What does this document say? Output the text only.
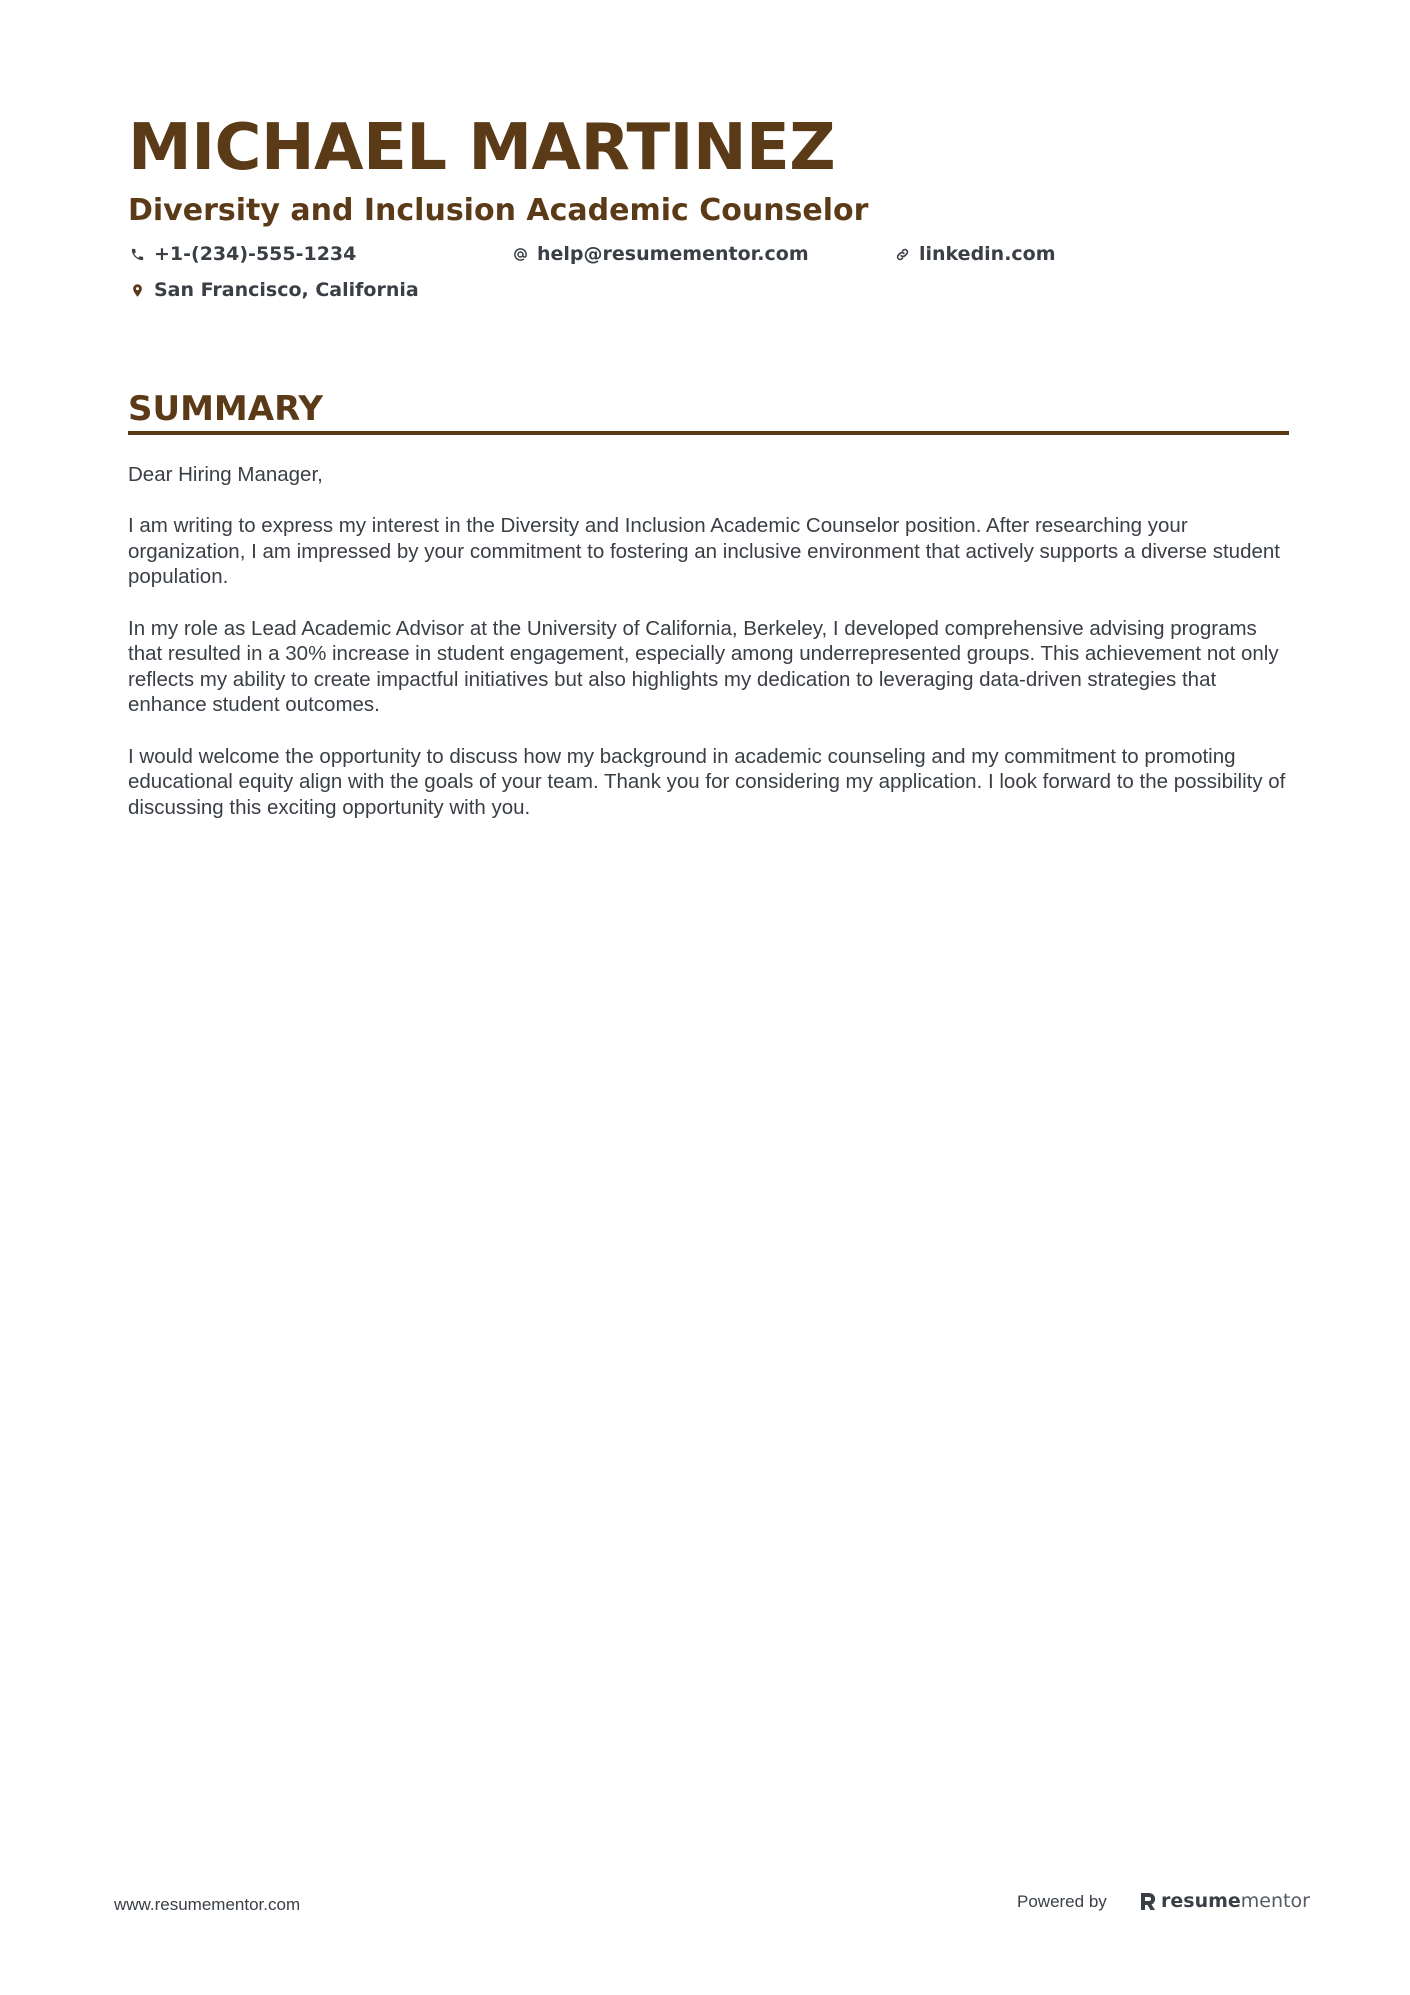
MICHAEL MARTINEZ
Diversity and Inclusion Academic Counselor
+1-(234)-555-1234	help@resumementor.com	linkedin.com
San Francisco, California
SUMMARY

Dear Hiring Manager,

I am writing to express my interest in the Diversity and Inclusion Academic Counselor position. After researching your organization, I am impressed by your commitment to fostering an inclusive environment that actively supports a diverse student population.

In my role as Lead Academic Advisor at the University of California, Berkeley, I developed comprehensive advising programs that resulted in a 30% increase in student engagement, especially among underrepresented groups. This achievement not only reflects my ability to create impactful initiatives but also highlights my dedication to leveraging data-driven strategies that enhance student outcomes.

I would welcome the opportunity to discuss how my background in academic counseling and my commitment to promoting educational equity align with the goals of your team. Thank you for considering my application. I look forward to the possibility of discussing this exciting opportunity with you.

www.resumementor.com	Powered by	resume mentor
